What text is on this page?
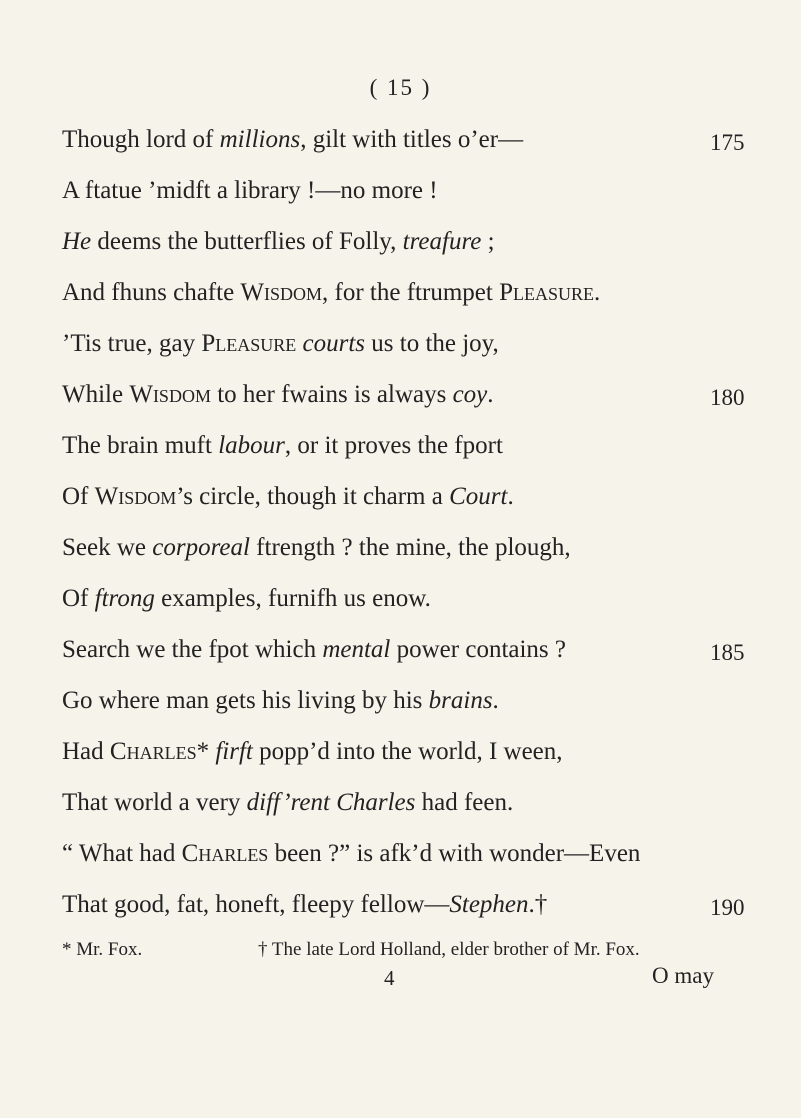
( 15 )
Though lord of millions, gilt with titles o’er—	175
A ftatue ’midft a library !—no more !
He deems the butterflies of Folly, treafure ;
And fhuns chafte Wisdom, for the ftrumpet Pleasure.
’Tis true, gay Pleasure courts us to the joy,
While Wisdom to her fwains is always coy.	180
The brain muft labour, or it proves the fport
Of Wisdom’s circle, though it charm a Court.
Seek we corporeal ftrength ? the mine, the plough,
Of ftrong examples, furnifh us enow.
Search we the fpot which mental power contains ?	185
Go where man gets his living by his brains.
Had Charles* firft popp’d into the world, I ween,
That world a very diff’rent Charles had feen.
“ What had Charles been ?” is afk’d with wonder—Even
That good, fat, honeft, fleepy fellow—Stephen.†	190
* Mr. Fox.	† The late Lord Holland, elder brother of Mr. Fox.
4	O may
